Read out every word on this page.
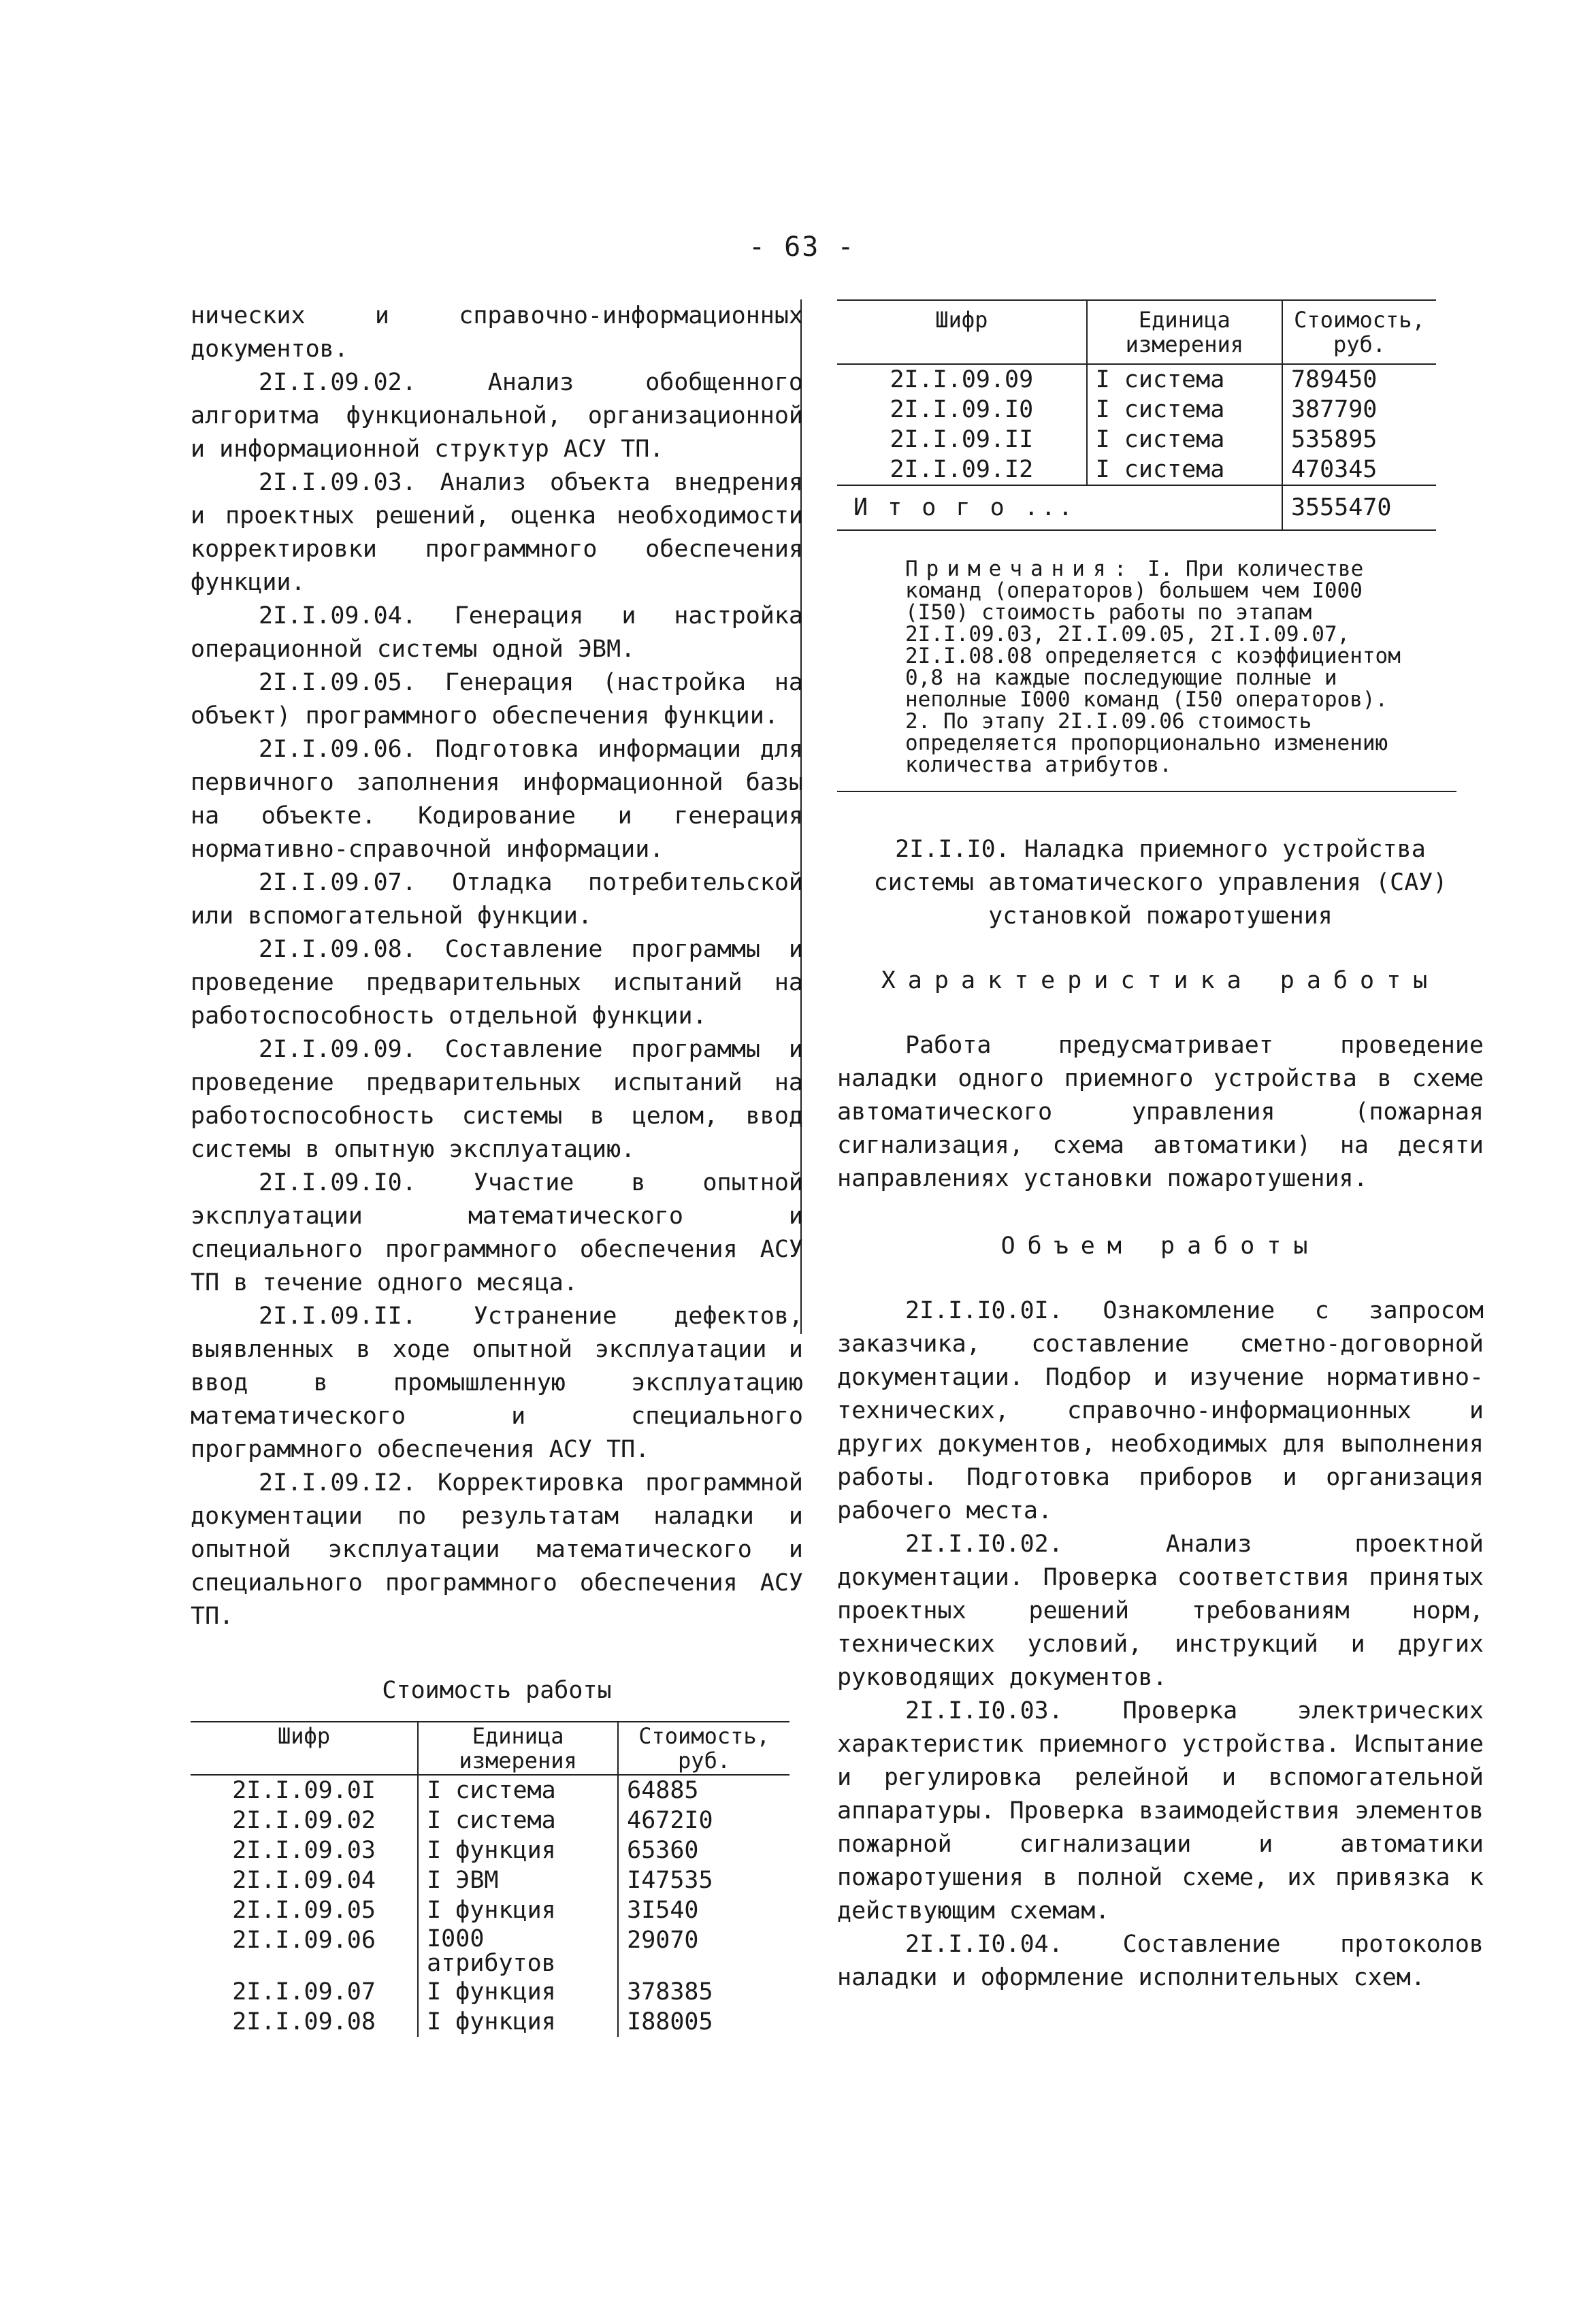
- 63 -

нических и справочно-информационных документов.

2I.I.09.02. Анализ обобщенного алгоритма функциональной, организационной и информационной структур АСУ ТП.

2I.I.09.03. Анализ объекта внедрения и проектных решений, оценка необходимости корректировки программного обеспечения функции.

2I.I.09.04. Генерация и настройка операционной системы одной ЭВМ.

2I.I.09.05. Генерация (настройка на объект) программного обеспечения функции.

2I.I.09.06. Подготовка информации для первичного заполнения информационной базы на объекте. Кодирование и генерация нормативно-справочной информации.

2I.I.09.07. Отладка потребительской или вспомогательной функции.

2I.I.09.08. Составление программы и проведение предварительных испытаний на работоспособность отдельной функции.

2I.I.09.09. Составление программы и проведение предварительных испытаний на работоспособность системы в целом, ввод системы в опытную эксплуатацию.

2I.I.09.I0. Участие в опытной эксплуатации математического и специального программного обеспечения АСУ ТП в течение одного месяца.

2I.I.09.II. Устранение дефектов, выявленных в ходе опытной эксплуатации и ввод в промышленную эксплуатацию математического и специального программного обеспечения АСУ ТП.

2I.I.09.I2. Корректировка программной документации по результатам наладки и опытной эксплуатации математического и специального программного обеспечения АСУ ТП.

Стоимость работы

Шифр	Единица измерения	Стоимость, руб.
2I.I.09.0I	I система	64885
2I.I.09.02	I система	4672I0
2I.I.09.03	I функция	65360
2I.I.09.04	I ЭВМ	I47535
2I.I.09.05	I функция	3I540
2I.I.09.06	I000 атрибутов	29070
2I.I.09.07	I функция	378385
2I.I.09.08	I функция	I88005
Шифр	Единица измерения	Стоимость, руб.
2I.I.09.09	I система	789450
2I.I.09.I0	I система	387790
2I.I.09.II	I система	535895
2I.I.09.I2	I система	470345
И т о г о ...		3555470

Примечания: I. При количестве команд (операторов) большем чем I000 (I50) стоимость работы по этапам 2I.I.09.03, 2I.I.09.05, 2I.I.09.07, 2I.I.08.08 определяется с коэффициентом 0,8 на каждые последующие полные и неполные I000 команд (I50 операторов).

2. По этапу 2I.I.09.06 стоимость определяется пропорционально изменению количества атрибутов.

2I.I.I0. Наладка приемного устройства

системы автоматического управления (САУ)

установкой пожаротушения

Характеристика работы

Работа предусматривает проведение наладки одного приемного устройства в схеме автоматического управления (пожарная сигнализация, схема автоматики) на десяти направлениях установки пожаротушения.

Объем работы

2I.I.I0.0I. Ознакомление с запросом заказчика, составление сметно-договорной документации. Подбор и изучение нормативно-технических, справочно-информационных и других документов, необходимых для выполнения работы. Подготовка приборов и организация рабочего места.

2I.I.I0.02. Анализ проектной документации. Проверка соответствия принятых проектных решений требованиям норм, технических условий, инструкций и других руководящих документов.

2I.I.I0.03. Проверка электрических характеристик приемного устройства. Испытание и регулировка релейной и вспомогательной аппаратуры. Проверка взаимодействия элементов пожарной сигнализации и автоматики пожаротушения в полной схеме, их привязка к действующим схемам.

2I.I.I0.04. Составление протоколов наладки и оформление исполнительных схем.
